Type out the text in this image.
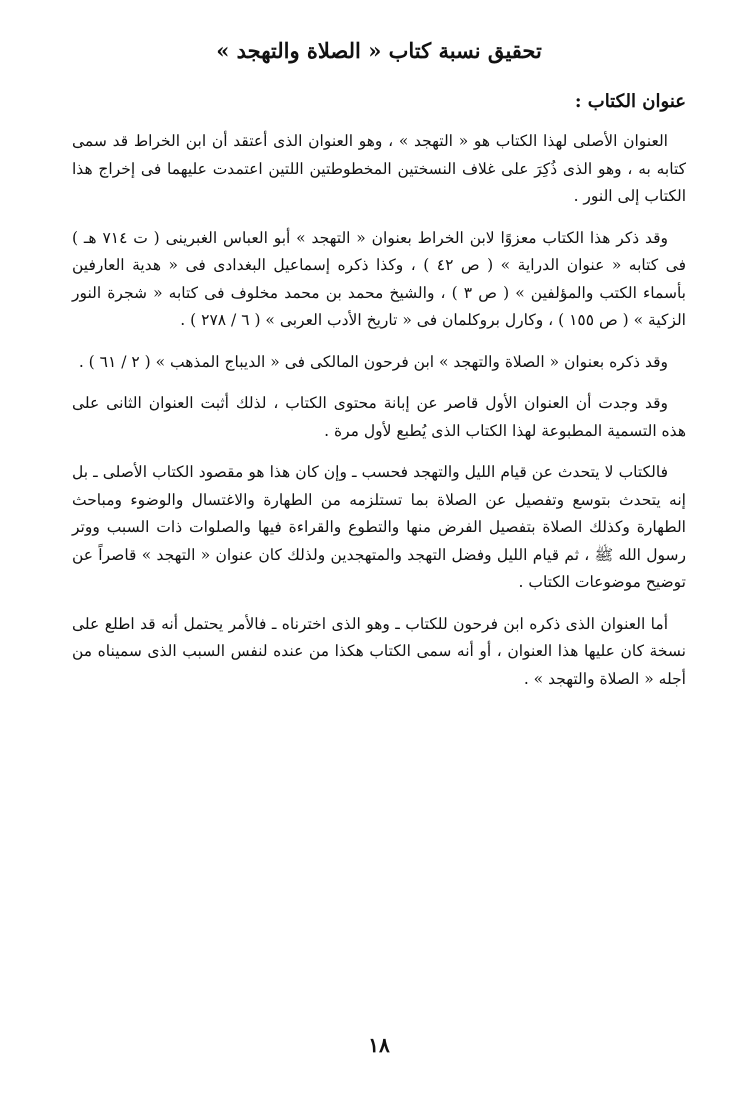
تحقيق نسبة كتاب « الصلاة والتهجد »
عنوان الكتاب :

العنوان الأصلى لهذا الكتاب هو « التهجد » ، وهو العنوان الذى أعتقد أن ابن الخراط قد سمى كتابه به ، وهو الذى ذُكِرَ على غلاف النسختين المخطوطتين اللتين اعتمدت عليهما فى إخراج هذا الكتاب إلى النور .

وقد ذكر هذا الكتاب معزوًا لابن الخراط بعنوان « التهجد » أبو العباس الغبرينى ( ت ٧١٤ هـ ) فى كتابه « عنوان الدراية » ( ص ٤٢ ) ، وكذا ذكره إسماعيل البغدادى فى « هدية العارفين بأسماء الكتب والمؤلفين » ( ص ٣ ) ، والشيخ محمد بن محمد مخلوف فى كتابه « شجرة النور الزكية » ( ص ١٥٥ ) ، وكارل بروكلمان فى « تاريخ الأدب العربى » ( ٦ / ٢٧٨ ) .

وقد ذكره بعنوان « الصلاة والتهجد » ابن فرحون المالكى فى « الديباج المذهب » ( ٢ / ٦١ ) .

وقد وجدت أن العنوان الأول قاصر عن إبانة محتوى الكتاب ، لذلك أثبت العنوان الثانى على هذه التسمية المطبوعة لهذا الكتاب الذى يُطبع لأول مرة .

فالكتاب لا يتحدث عن قيام الليل والتهجد فحسب ـ وإن كان هذا هو مقصود الكتاب الأصلى ـ بل إنه يتحدث بتوسع وتفصيل عن الصلاة بما تستلزمه من الطهارة والاغتسال والوضوء ومباحث الطهارة وكذلك الصلاة بتفصيل الفرض منها والتطوع والقراءة فيها والصلوات ذات السبب ووتر رسول الله ﷺ ، ثم قيام الليل وفضل التهجد والمتهجدين ولذلك كان عنوان « التهجد » قاصراً عن توضيح موضوعات الكتاب .

أما العنوان الذى ذكره ابن فرحون للكتاب ـ وهو الذى اخترناه ـ فالأمر يحتمل أنه قد اطلع على نسخة كان عليها هذا العنوان ، أو أنه سمى الكتاب هكذا من عنده لنفس السبب الذى سميناه من أجله « الصلاة والتهجد » .

١٨
